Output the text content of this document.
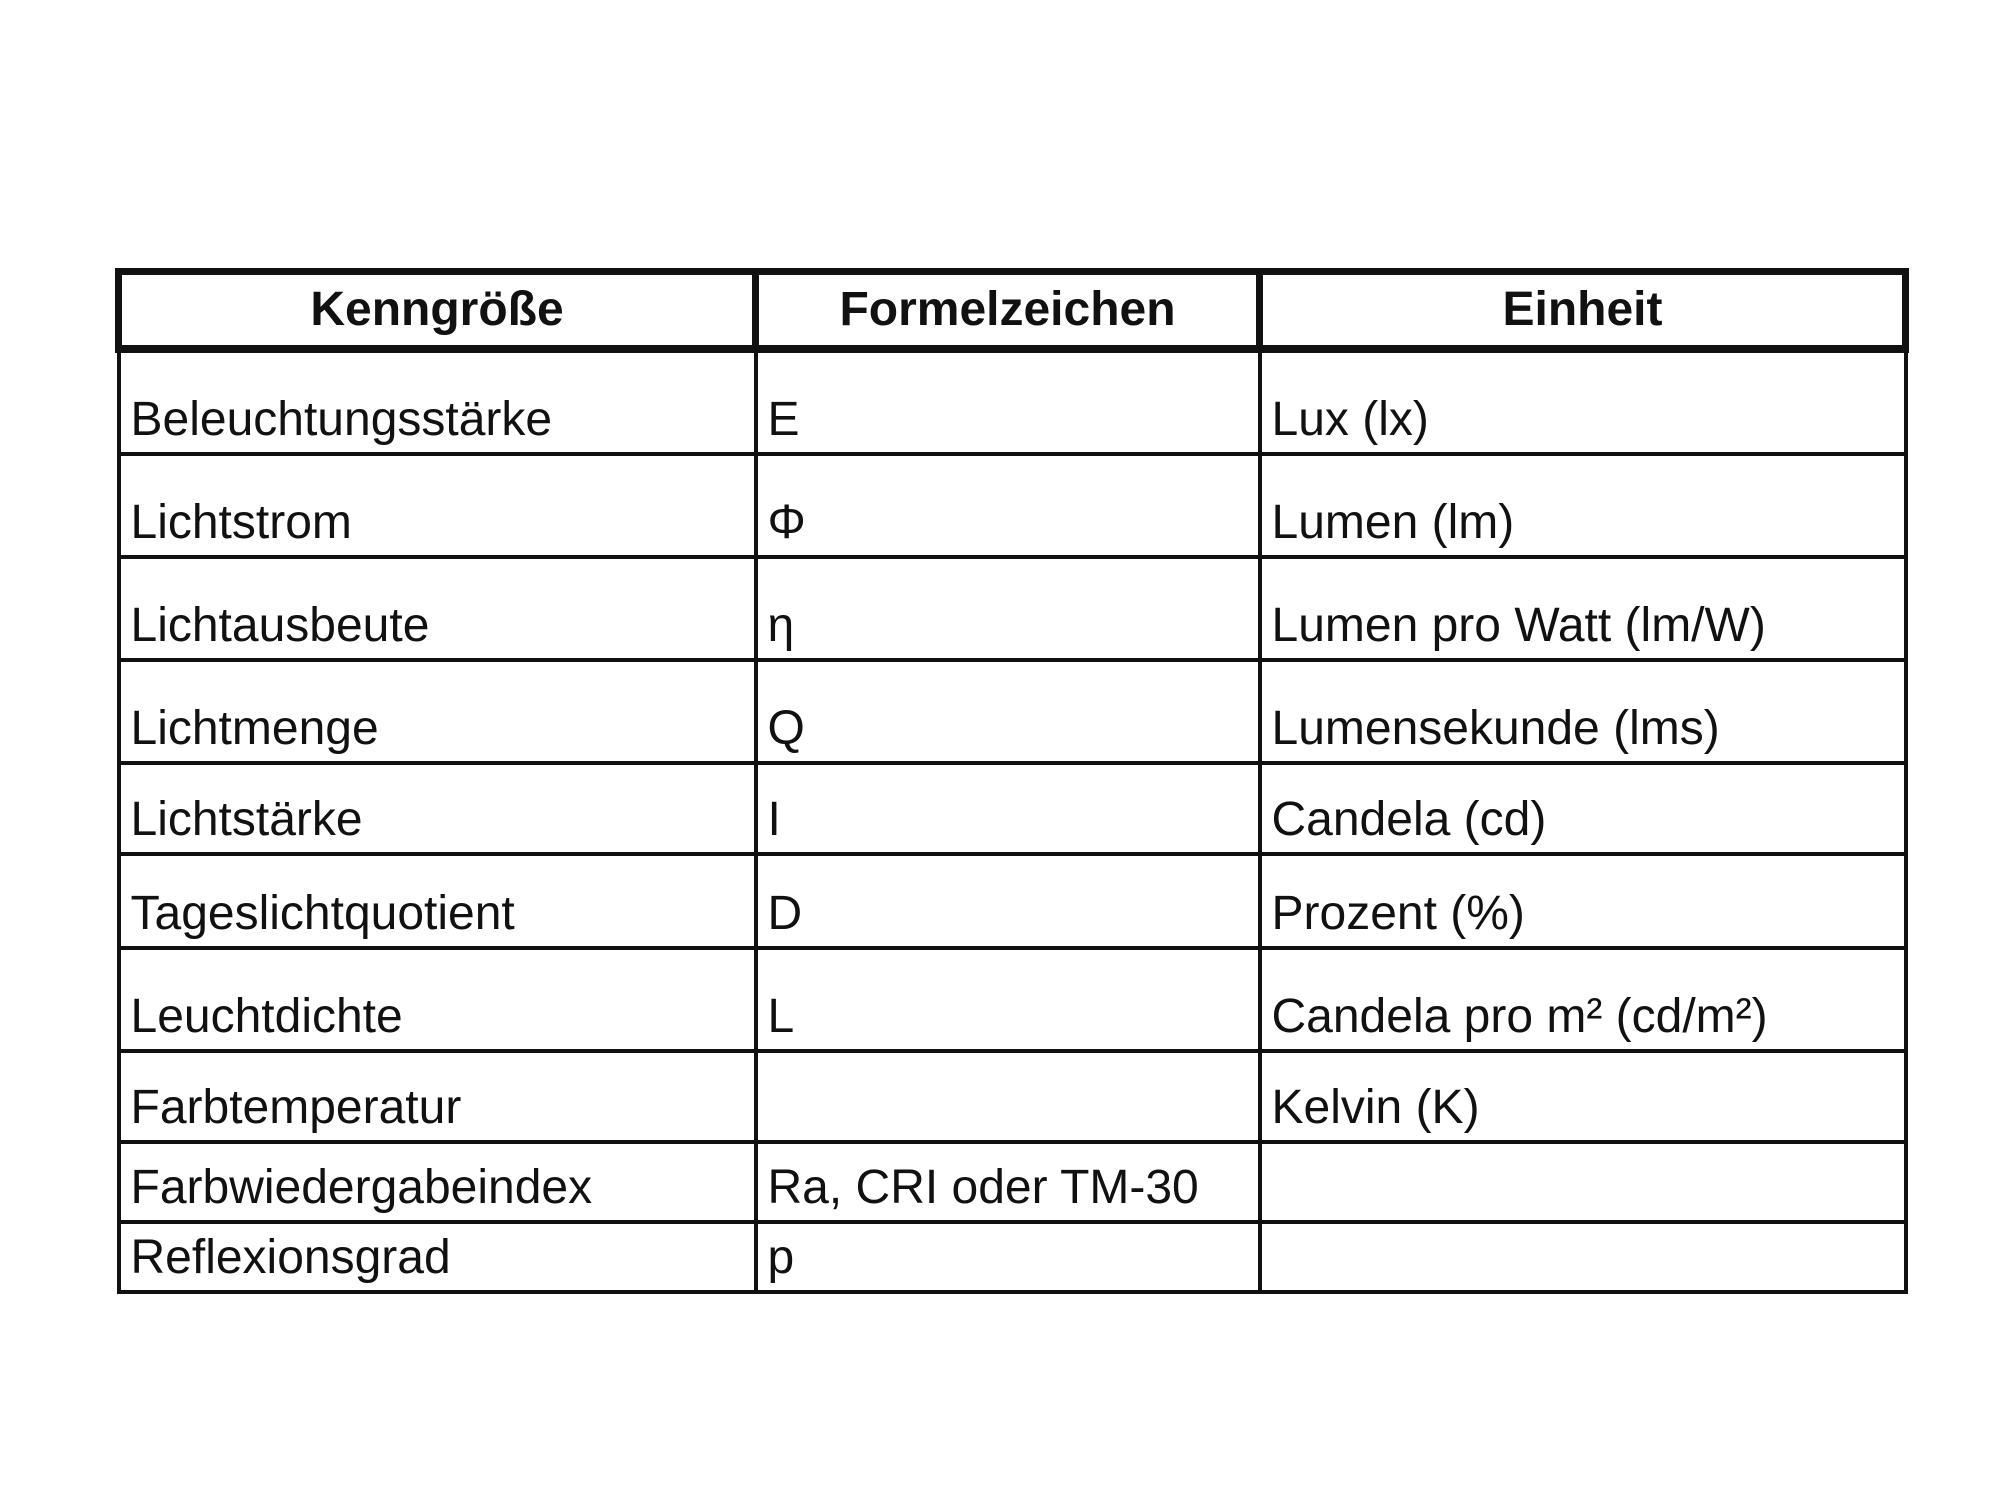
Kenngröße	Formelzeichen	Einheit
Beleuchtungsstärke	E	Lux (lx)
Lichtstrom	Φ	Lumen (lm)
Lichtausbeute	η	Lumen pro Watt (lm/W)
Lichtmenge	Q	Lumensekunde (lms)
Lichtstärke	I	Candela (cd)
Tageslichtquotient	D	Prozent (%)
Leuchtdichte	L	Candela pro m² (cd/m²)
Farbtemperatur		Kelvin (K)
Farbwiedergabeindex	Ra, CRI oder TM-30	
Reflexionsgrad	p	
